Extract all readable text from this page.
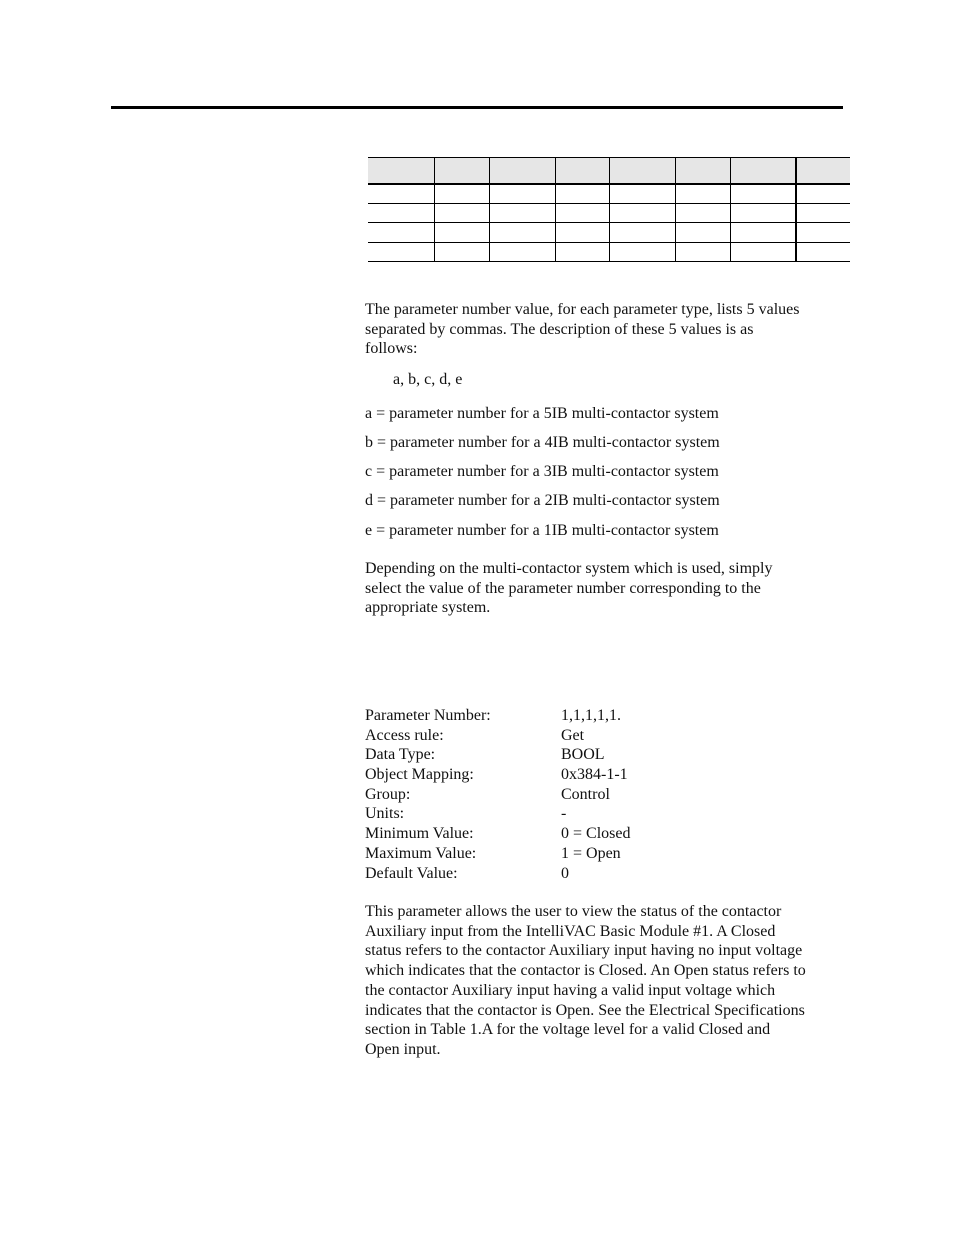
The parameter number value, for each parameter type, lists 5 values
separated by commas. The description of these 5 values is as
follows:
a, b, c, d, e
a = parameter number for a 5IB multi-contactor system
b = parameter number for a 4IB multi-contactor system
c = parameter number for a 3IB multi-contactor system
d = parameter number for a 2IB multi-contactor system
e = parameter number for a 1IB multi-contactor system
Depending on the multi-contactor system which is used, simply
select the value of the parameter number corresponding to the
appropriate system.
Parameter Number:	1,1,1,1,1.
Access rule:	Get
Data Type:	BOOL
Object Mapping:	0x384-1-1
Group:	Control
Units:	-
Minimum Value:	0 = Closed
Maximum Value:	1 = Open
Default Value:	0
This parameter allows the user to view the status of the contactor
Auxiliary input from the IntelliVAC Basic Module #1. A Closed
status refers to the contactor Auxiliary input having no input voltage
which indicates that the contactor is Closed. An Open status refers to
the contactor Auxiliary input having a valid input voltage which
indicates that the contactor is Open. See the Electrical Specifications
section in Table 1.A for the voltage level for a valid Closed and
Open input.
